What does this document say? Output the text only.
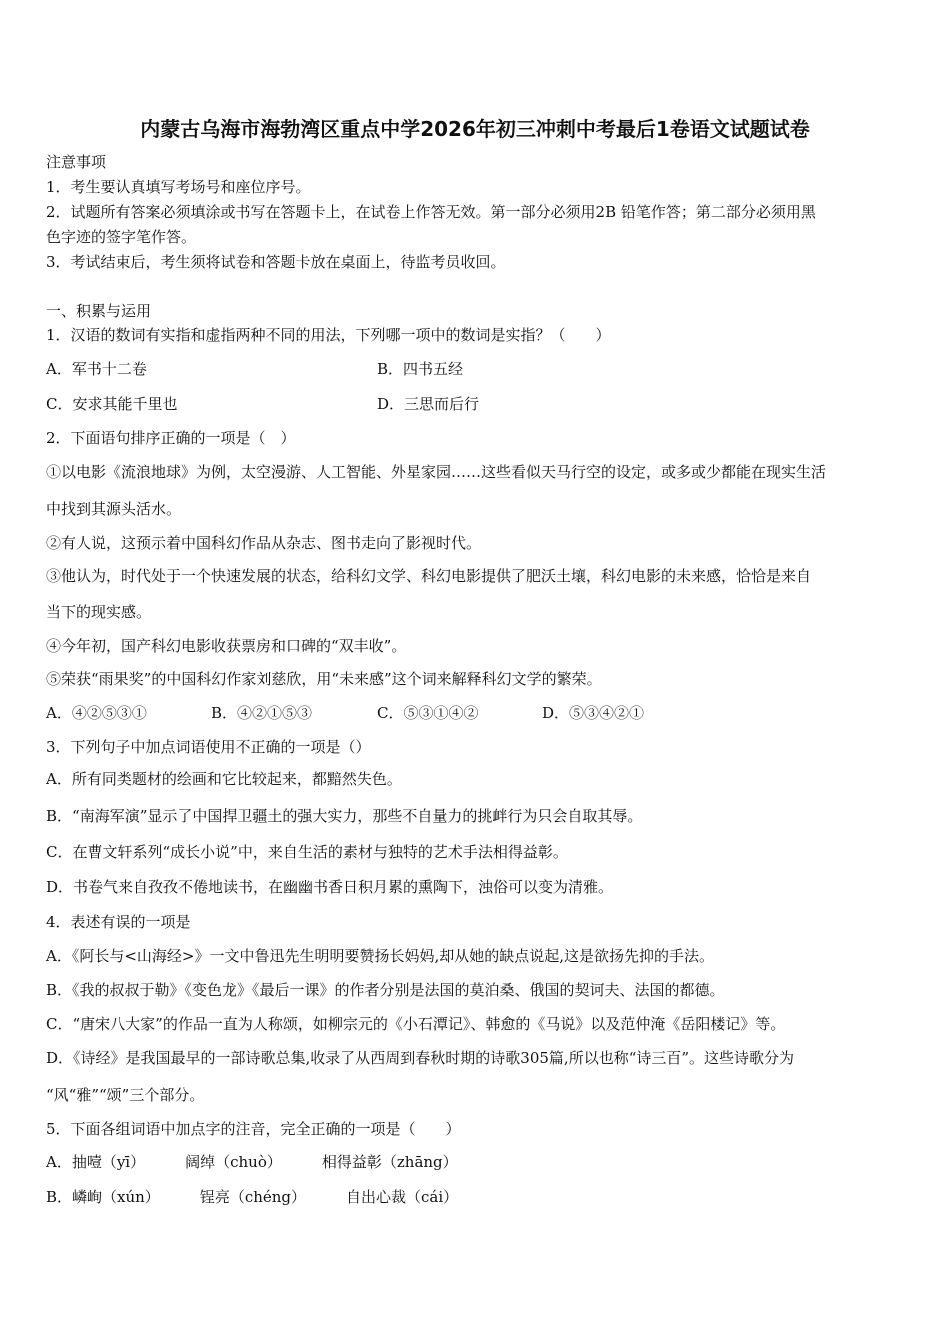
内蒙古乌海市海勃湾区重点中学2026年初三冲刺中考最后1卷语文试题试卷
注意事项
1．考生要认真填写考场号和座位序号。
2．试题所有答案必须填涂或书写在答题卡上，在试卷上作答无效。第一部分必须用2B 铅笔作答；第二部分必须用黑
色字迹的签字笔作答。
3．考试结束后，考生须将试卷和答题卡放在桌面上，待监考员收回。
一、积累与运用
1．汉语的数词有实指和虚指两种不同的用法，下列哪一项中的数词是实指？（　　）
A．军书十二卷	B．四书五经
C．安求其能千里也	D．三思而后行
2．下面语句排序正确的一项是（　）
①以电影《流浪地球》为例，太空漫游、人工智能、外星家园……这些看似天马行空的设定，或多或少都能在现实生活
中找到其源头活水。
②有人说，这预示着中国科幻作品从杂志、图书走向了影视时代。
③他认为，时代处于一个快速发展的状态，给科幻文学、科幻电影提供了肥沃土壤，科幻电影的未来感，恰恰是来自
当下的现实感。
④今年初，国产科幻电影收获票房和口碑的“双丰收”。
⑤荣获“雨果奖”的中国科幻作家刘慈欣，用“未来感”这个词来解释科幻文学的繁荣。
A．④②⑤③①	B．④②①⑤③	C．⑤③①④②	D．⑤③④②①
3．下列句子中加点词语使用不正确的一项是（）
A．所有同类题材的绘画和它比较起来，都黯然失色。
B．“南海军演”显示了中国捍卫疆土的强大实力，那些不自量力的挑衅行为只会自取其辱。
C．在曹文轩系列“成长小说”中，来自生活的素材与独特的艺术手法相得益彰。
D．书卷气来自孜孜不倦地读书，在幽幽书香日积月累的熏陶下，浊俗可以变为清雅。
4．表述有误的一项是
A．《阿长与<山海经>》一文中鲁迅先生明明要赞扬长妈妈,却从她的缺点说起,这是欲扬先抑的手法。
B．《我的叔叔于勒》《变色龙》《最后一课》的作者分别是法国的莫泊桑、俄国的契诃夫、法国的都德。
C．“唐宋八大家”的作品一直为人称颂，如柳宗元的《小石潭记》、韩愈的《马说》以及范仲淹《岳阳楼记》等。
D．《诗经》是我国最早的一部诗歌总集,收录了从西周到春秋时期的诗歌305篇,所以也称“诗三百”。这些诗歌分为
“风“雅”“颂”三个部分。
5．下面各组词语中加点字的注音，完全正确的一项是（　　）
A．抽噎（yī）	阔绰（chuò）	相得益彰（zhāng）
B．嶙峋（xún）	锃亮（chéng）	自出心裁（cái）
